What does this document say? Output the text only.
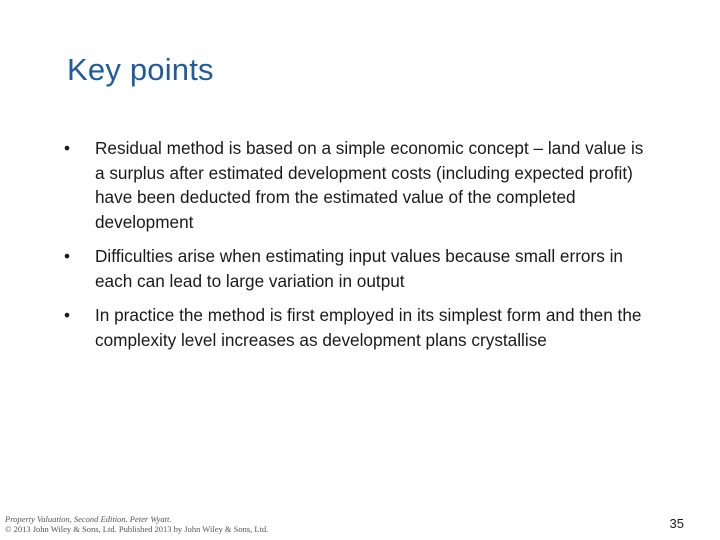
Key points
•	Residual method is based on a simple economic concept – land value is a surplus after estimated development costs (including expected profit) have been deducted from the estimated value of the completed development
•	Difficulties arise when estimating input values because small errors in each can lead to large variation in output
•	In practice the method is first employed in its simplest form and then the complexity level increases as development plans crystallise
Property Valuation, Second Edition. Peter Wyatt.
© 2013 John Wiley & Sons, Ltd. Published 2013 by John Wiley & Sons, Ltd.	35
